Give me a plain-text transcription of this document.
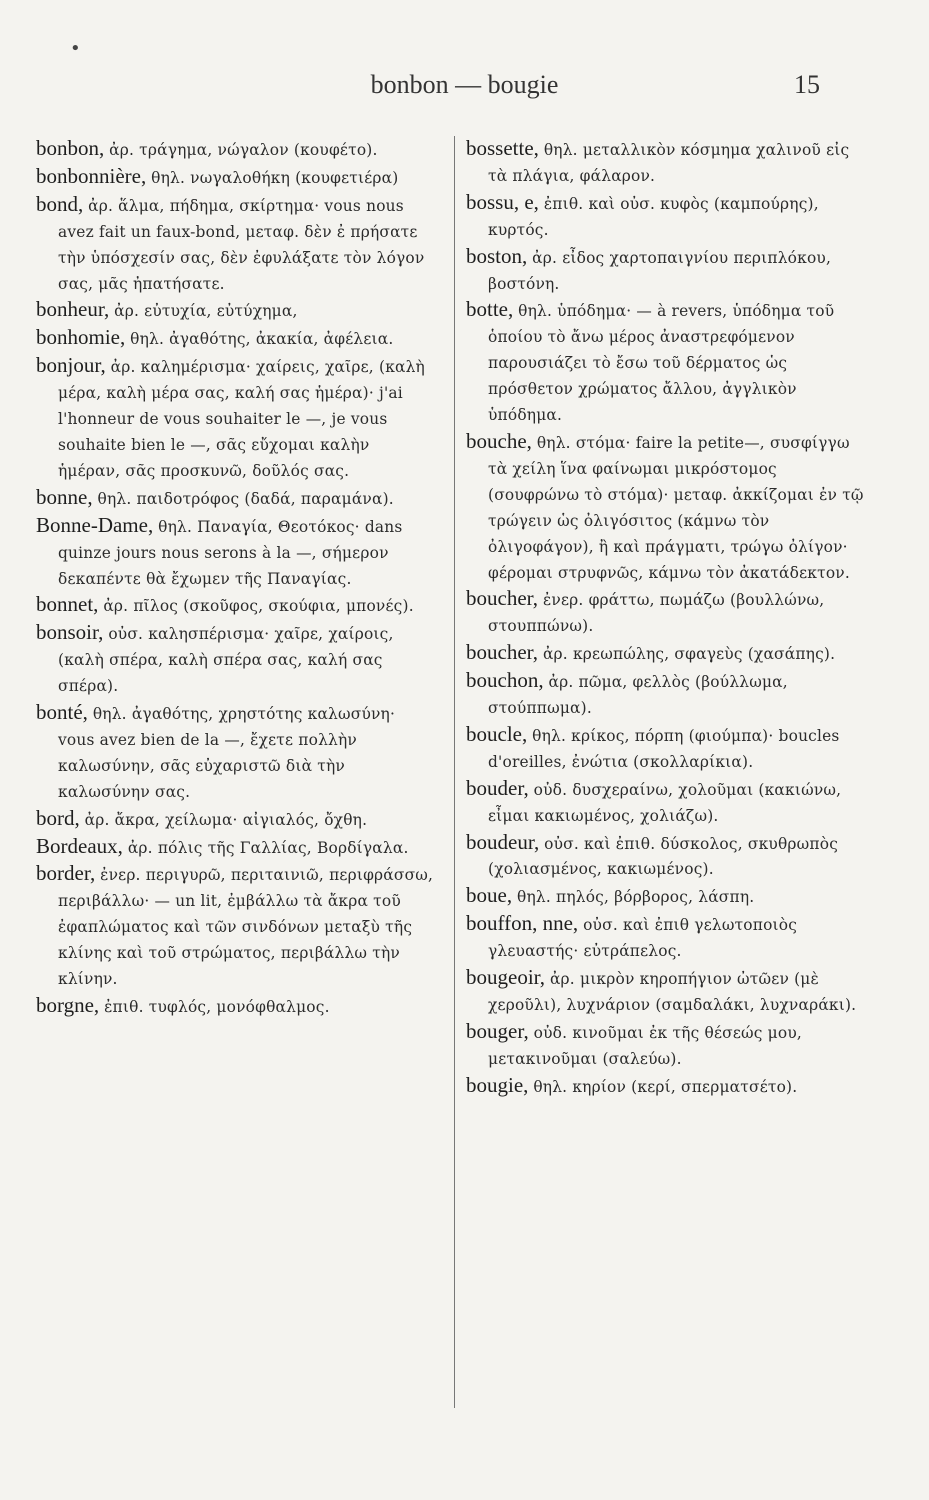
•
bonbon — bougie	15

bonbon, ἀρ. τράγημα, νώγαλον (κουφέτο).

bonbonnière, θηλ. νωγαλοθήκη (κουφετιέρα)

bond, ἀρ. ἅλμα, πήδημα, σκίρτημα· vous nous avez fait un faux-bond, μεταφ. δὲν ἐ πρήσατε τὴν ὑπόσχεσίν σας, δὲν ἐφυλάξατε τὸν λόγον σας, μᾶς ἠπατήσατε.

bonheur, ἀρ. εὐτυχία, εὐτύχημα,

bonhomie, θηλ. ἀγαθότης, ἀκακία, ἀφέλεια.

bonjour, ἀρ. καλημέρισμα· χαίρεις, χαῖρε, (καλὴ μέρα, καλὴ μέρα σας, καλή σας ἡμέρα)· j'ai l'honneur de vous souhaiter le —, je vous souhaite bien le —, σᾶς εὔχομαι καλὴν ἡμέραν, σᾶς προσκυνῶ, δοῦλός σας.

bonne, θηλ. παιδοτρόφος (δαδά, παραμάνα).

Bonne-Dame, θηλ. Παναγία, Θεοτόκος· dans quinze jours nous serons à la —, σήμερον δεκαπέντε θὰ ἔχωμεν τῆς Παναγίας.

bonnet, ἀρ. πῖλος (σκοῦφος, σκούφια, μπονές).

bonsoir, οὐσ. καλησπέρισμα· χαῖρε, χαίροις, (καλὴ σπέρα, καλὴ σπέρα σας, καλή σας σπέρα).

bonté, θηλ. ἀγαθότης, χρηστότης καλωσύνη· vous avez bien de la —, ἔχετε πολλὴν καλωσύνην, σᾶς εὐχαριστῶ διὰ τὴν καλωσύνην σας.

bord, ἀρ. ἄκρα, χείλωμα· αἰγιαλός, ὄχθη.

Bordeaux, ἀρ. πόλις τῆς Γαλλίας, Βορδίγαλα.

border, ἐνερ. περιγυρῶ, περιταινιῶ, περιφράσσω, περιβάλλω· — un lit, ἐμβάλλω τὰ ἄκρα τοῦ ἐφαπλώματος καὶ τῶν σινδόνων μεταξὺ τῆς κλίνης καὶ τοῦ στρώματος, περιβάλλω τὴν κλίνην.

borgne, ἐπιθ. τυφλός, μονόφθαλμος.

bossette, θηλ. μεταλλικὸν κόσμημα χαλινοῦ εἰς τὰ πλάγια, φάλαρον.

bossu, e, ἐπιθ. καὶ οὐσ. κυφὸς (καμπούρης), κυρτός.

boston, ἀρ. εἶδος χαρτοπαιγνίου περιπλόκου, βοστόνη.

botte, θηλ. ὑπόδημα· — à revers, ὑπόδημα τοῦ ὁποίου τὸ ἄνω μέρος ἀναστρεφόμενον παρουσιάζει τὸ ἔσω τοῦ δέρματος ὡς πρόσθετον χρώματος ἄλλου, ἀγγλικὸν ὑπόδημα.

bouche, θηλ. στόμα· faire la petite—, συσφίγγω τὰ χείλη ἵνα φαίνωμαι μικρόστομος (σουφρώνω τὸ στόμα)· μεταφ. ἀκκίζομαι ἐν τῷ τρώγειν ὡς ὀλιγόσιτος (κάμνω τὸν ὀλιγοφάγον), ἢ καὶ πράγματι, τρώγω ὀλίγον· φέρομαι στρυφνῶς, κάμνω τὸν ἀκατάδεκτον.

boucher, ἐνερ. φράττω, πωμάζω (βουλλώνω, στουππώνω).

boucher, ἀρ. κρεωπώλης, σφαγεὺς (χασάπης).

bouchon, ἀρ. πῶμα, φελλὸς (βούλλωμα, στούππωμα).

boucle, θηλ. κρίκος, πόρπη (φιούμπα)· boucles d'oreilles, ἐνώτια (σκολλαρίκια).

bouder, οὐδ. δυσχεραίνω, χολοῦμαι (κακιώνω, εἶμαι κακιωμένος, χολιάζω).

boudeur, οὐσ. καὶ ἐπιθ. δύσκολος, σκυθρωπὸς (χολιασμένος, κακιωμένος).

boue, θηλ. πηλός, βόρβορος, λάσπη.

bouffon, nne, οὐσ. καὶ ἐπιθ γελωτοποιὸς γλευαστής· εὐτράπελος.

bougeoir, ἀρ. μικρὸν κηροπήγιον ὠτῶεν (μὲ χεροῦλι), λυχνάριον (σαμδαλάκι, λυχναράκι).

bouger, οὐδ. κινοῦμαι ἐκ τῆς θέσεώς μου, μετακινοῦμαι (σαλεύω).

bougie, θηλ. κηρίον (κερί, σπερματσέτο).
